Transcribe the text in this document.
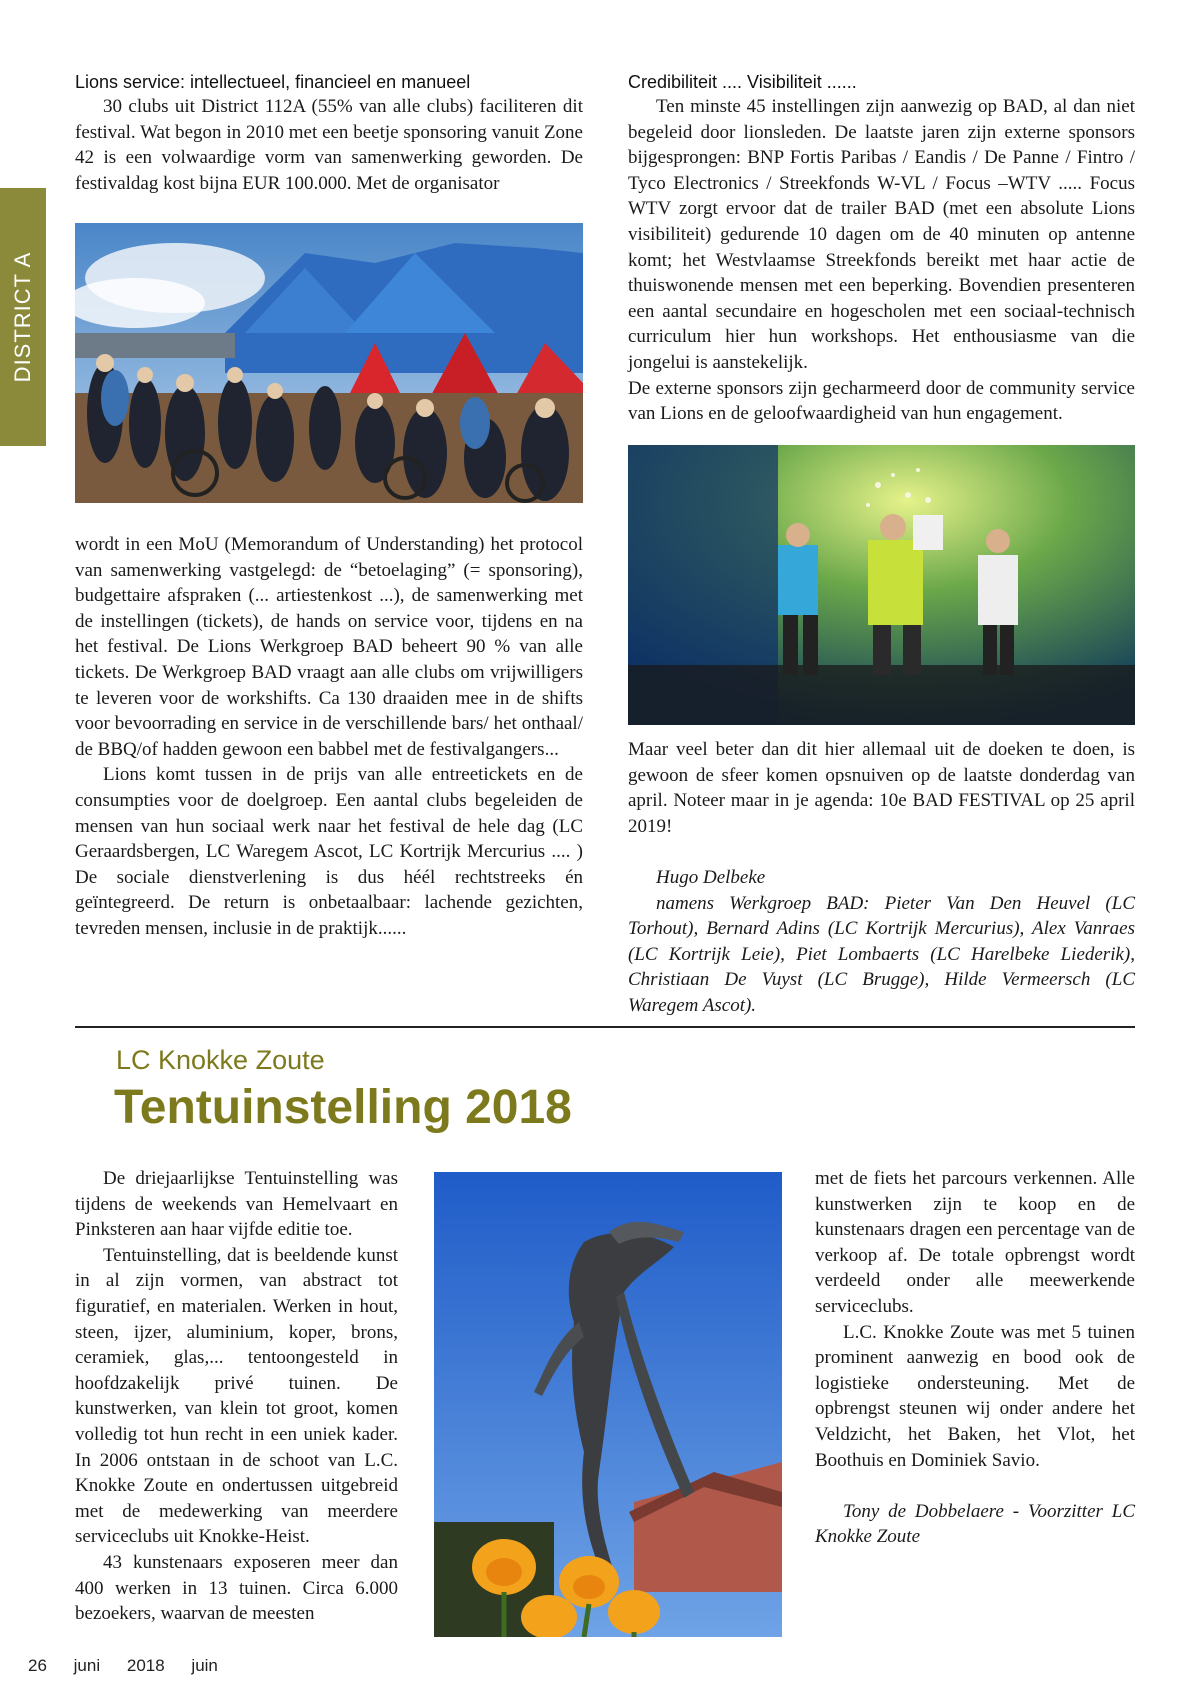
DISTRICT A
Lions service: intellectueel, financieel en manueel

30 clubs uit District 112A (55% van alle clubs) faciliteren dit festival. Wat begon in 2010 met een beetje sponsoring vanuit Zone 42 is een volwaardige vorm van samenwerking geworden. De festivaldag kost bijna EUR 100.000. Met de organisator

wordt in een MoU (Memorandum of Understanding) het protocol van samenwerking vastgelegd: de “betoelaging” (= sponsoring), budgettaire afspraken (... artiestenkost ...), de samenwerking met de instellingen (tickets), de hands on service voor, tijdens en na het festival. De Lions Werkgroep BAD beheert 90 % van alle tickets. De Werkgroep BAD vraagt aan alle clubs om vrijwilligers te leveren voor de workshifts. Ca 130 draaiden mee in de shifts voor bevoorrading en service in de verschillende bars/ het onthaal/ de BBQ/of hadden gewoon een babbel met de festivalgangers...

Lions komt tussen in de prijs van alle entreetickets en de consumpties voor de doelgroep. Een aantal clubs begeleiden de mensen van hun sociaal werk naar het festival de hele dag (LC Geraardsbergen, LC Waregem Ascot, LC Kortrijk Mercurius .... ) De sociale dienstverlening is dus héél rechtstreeks én geïntegreerd. De return is onbetaalbaar: lachende gezichten, tevreden mensen, inclusie in de praktijk......

Credibiliteit .... Visibiliteit ......

Ten minste 45 instellingen zijn aanwezig op BAD, al dan niet begeleid door lionsleden. De laatste jaren zijn externe sponsors bijgesprongen: BNP Fortis Paribas / Eandis / De Panne / Fintro / Tyco Electronics / Streekfonds W-VL / Focus –WTV ..... Focus WTV zorgt ervoor dat de trailer BAD (met een absolute Lions visibiliteit) gedurende 10 dagen om de 40 minuten op antenne komt; het Westvlaamse Streekfonds bereikt met haar actie de thuiswonende mensen met een beperking. Bovendien presenteren een aantal secundaire en hogescholen met een sociaal-technisch curriculum hier hun workshops. Het enthousiasme van die jongelui is aanstekelijk.

De externe sponsors zijn gecharmeerd door de community service van Lions en de geloofwaardigheid van hun engagement.

Maar veel beter dan dit hier allemaal uit de doeken te doen, is gewoon de sfeer komen opsnuiven op de laatste donderdag van april. Noteer maar in je agenda: 10e BAD FESTIVAL op 25 april 2019!

Hugo Delbeke

namens Werkgroep BAD: Pieter Van Den Heuvel (LC Torhout), Bernard Adins (LC Kortrijk Mercurius), Alex Vanraes (LC Kortrijk Leie), Piet Lombaerts (LC Harelbeke Liederik), Christiaan De Vuyst (LC Brugge), Hilde Vermeersch (LC Waregem Ascot).

LC Knokke Zoute
Tentuinstelling 2018

De driejaarlijkse Tentuinstelling was tijdens de weekends van Hemelvaart en Pinksteren aan haar vijfde editie toe.

Tentuinstelling, dat is beeldende kunst in al zijn vormen, van abstract tot figuratief, en materialen. Werken in hout, steen, ijzer, aluminium, koper, brons, ceramiek, glas,... tentoongesteld in hoofdzakelijk privé tuinen. De kunstwerken, van klein tot groot, komen volledig tot hun recht in een uniek kader. In 2006 ontstaan in de schoot van L.C. Knokke Zoute en ondertussen uitgebreid met de medewerking van meerdere serviceclubs uit Knokke-Heist.

43 kunstenaars exposeren meer dan 400 werken in 13 tuinen. Circa 6.000 bezoekers, waarvan de meesten

met de fiets het parcours verkennen. Alle kunstwerken zijn te koop en de kunstenaars dragen een percentage van de verkoop af. De totale opbrengst wordt verdeeld onder alle meewerkende serviceclubs.

L.C. Knokke Zoute was met 5 tuinen prominent aanwezig en bood ook de logistieke ondersteuning. Met de opbrengst steunen wij onder andere het Veldzicht, het Baken, het Vlot, het Boothuis en Dominiek Savio.

Tony de Dobbelaere - Voorzitter LC Knokke Zoute

26 juni 2018 juin
